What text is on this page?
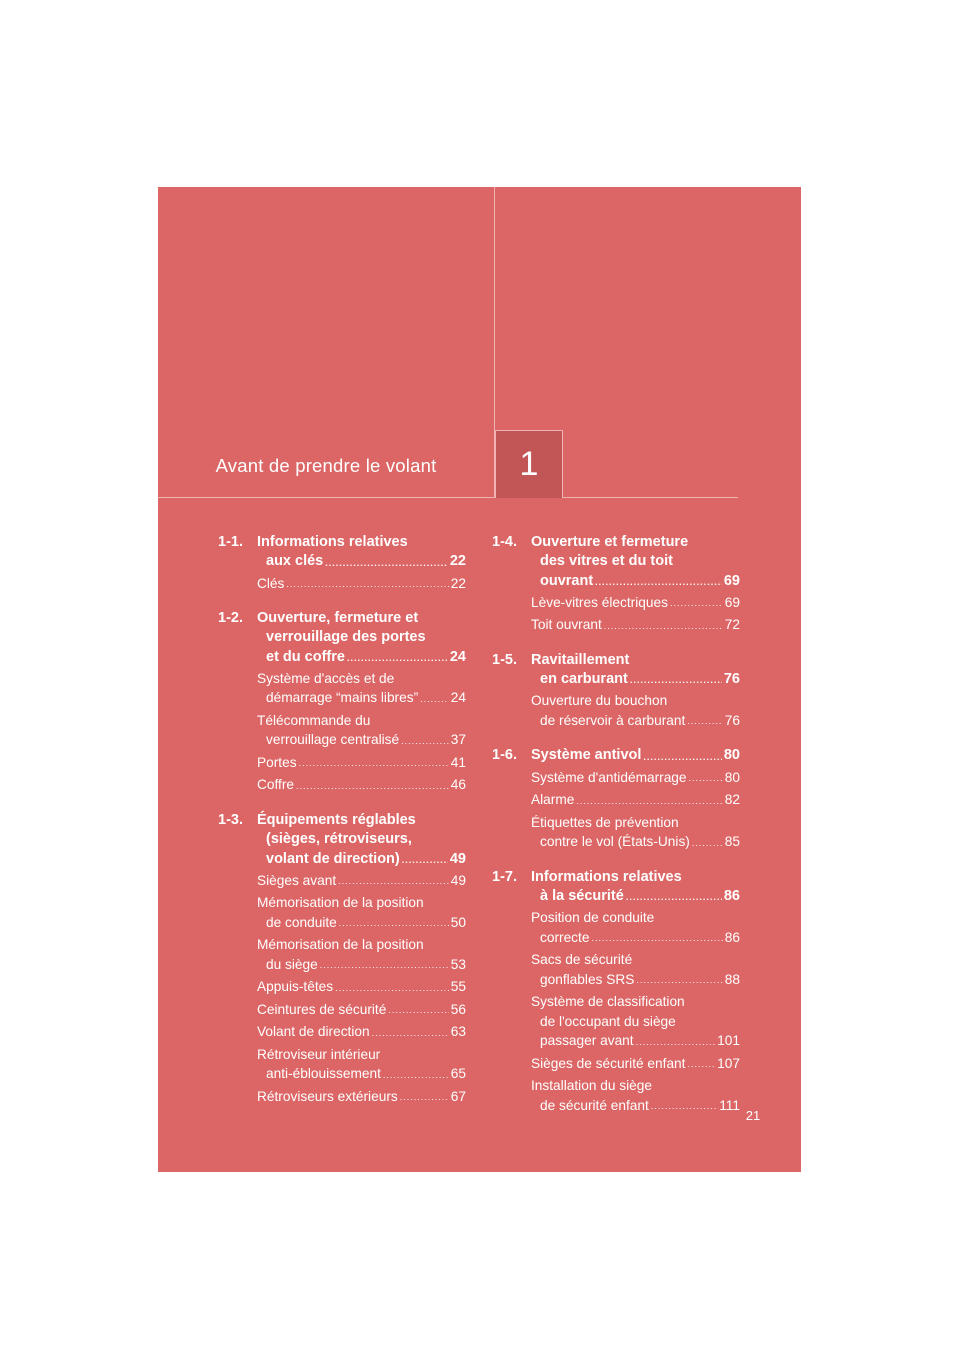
Avant de prendre le volant	1
1-1. Informations relatives
aux clés .....	22
Clés .....	22
1-2. Ouverture, fermeture et
verrouillage des portes
et du coffre .....	24
Système d'accès et de
démarrage “mains libres” ..... 24
Télécommande du
verrouillage centralisé .....	37
Portes .....	41
Coffre .....	46
1-3. Équipements réglables
(sièges, rétroviseurs,
volant de direction) .....	49
Sièges avant .....	49
Mémorisation de la position
de conduite .....	50
Mémorisation de la position
du siège .....	53
Appuis-têtes .....	55
Ceintures de sécurité .....	56
Volant de direction .....	63
Rétroviseur intérieur
anti-éblouissement .....	65
Rétroviseurs extérieurs .....	67
1-4. Ouverture et fermeture
des vitres et du toit
ouvrant .....	69
Lève-vitres électriques .....	69
Toit ouvrant .....	72
1-5. Ravitaillement
en carburant .....	76
Ouverture du bouchon
de réservoir à carburant .....	76
1-6. Système antivol .....	80
Système d'antidémarrage .....	80
Alarme .....	82
Étiquettes de prévention
contre le vol (États-Unis) .....	85
1-7. Informations relatives
à la sécurité .....	86
Position de conduite
correcte .....	86
Sacs de sécurité
gonflables SRS .....	88
Système de classification
de l'occupant du siège
passager avant .....	101
Sièges de sécurité enfant ..... 107
Installation du siège
de sécurité enfant .....	111
21
